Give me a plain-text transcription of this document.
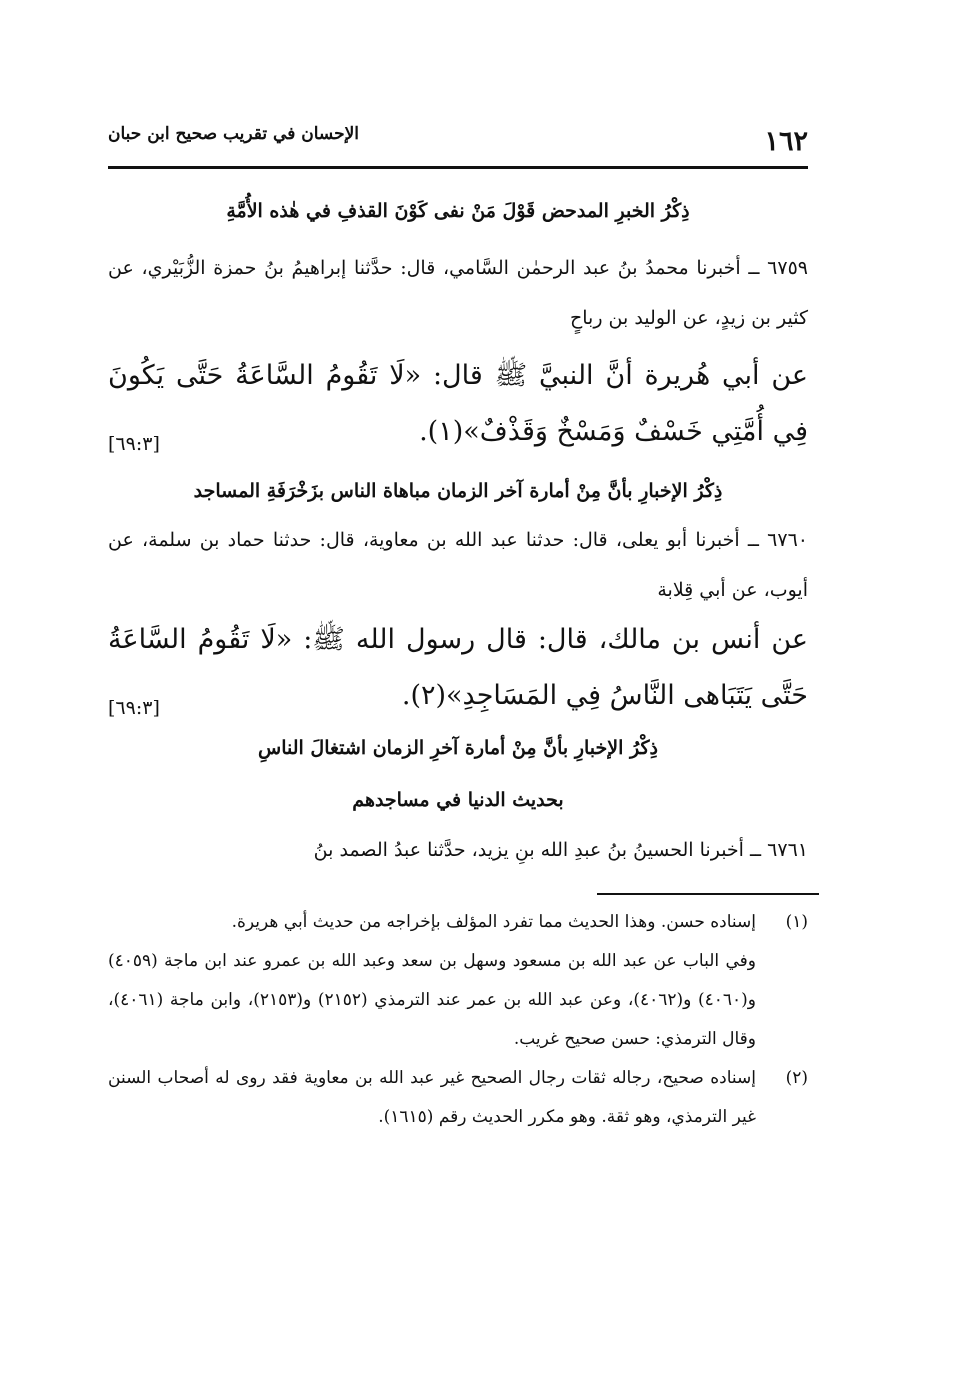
١٦٢
الإحسان في تقريب صحيح ابن حبان
ذِكْرُ الخبرِ المدحض قَوْلَ مَنْ نفى كَوْنَ القذفِ في هٰذه الأُمَّةِ
٦٧٥٩ ــ أخبرنا محمدُ بنُ عبد الرحمٰن السَّامي، قال: حدَّثنا إبراهيمُ بنُ حمزة الزُّبَيْري، عن كثير بن زيدٍ، عن الوليد بن رباحٍ
عن أبي هُريرة أنَّ النبيَّ ﷺ قال: «لَا تَقُومُ السَّاعَةُ حَتَّى يَكُونَ فِي أُمَّتِي خَسْفٌ وَمَسْخٌ وَقَذْفٌ»(١).
[٦٩:٣]
ذِكْرُ الإخبارِ بأنَّ مِنْ أمارة آخر الزمان مباهاة الناس بزَخْرَفَةِ المساجد
٦٧٦٠ ــ أخبرنا أبو يعلى، قال: حدثنا عبد الله بن معاوية، قال: حدثنا حماد بن سلمة، عن أيوب، عن أبي قِلابة
عن أنس بن مالك، قال: قال رسول الله ﷺ: «لَا تَقُومُ السَّاعَةُ حَتَّى يَتَبَاهى النَّاسُ فِي المَسَاجِدِ»(٢).
[٦٩:٣]
ذِكْرُ الإخبارِ بأنَّ مِنْ أمارة آخرِ الزمان اشتغالَ الناسِ
بحديث الدنيا في مساجدهم
٦٧٦١ ــ أخبرنا الحسينُ بنُ عبدِ الله بنِ يزيد، حدَّثنا عبدُ الصمد بنُ
(١)
إسناده حسن. وهذا الحديث مما تفرد المؤلف بإخراجه من حديث أبي هريرة.
وفي الباب عن عبد الله بن مسعود وسهل بن سعد وعبد الله بن عمرو عند ابن ماجة (٤٠٥٩) و(٤٠٦٠) و(٤٠٦٢)، وعن عبد الله بن عمر عند الترمذي (٢١٥٢) و(٢١٥٣)، وابن ماجة (٤٠٦١)، وقال الترمذي: حسن صحيح غريب.
(٢)
إسناده صحيح، رجاله ثقات رجال الصحيح غير عبد الله بن معاوية فقد روى له أصحاب السنن غير الترمذي، وهو ثقة. وهو مكرر الحديث رقم (١٦١٥).
